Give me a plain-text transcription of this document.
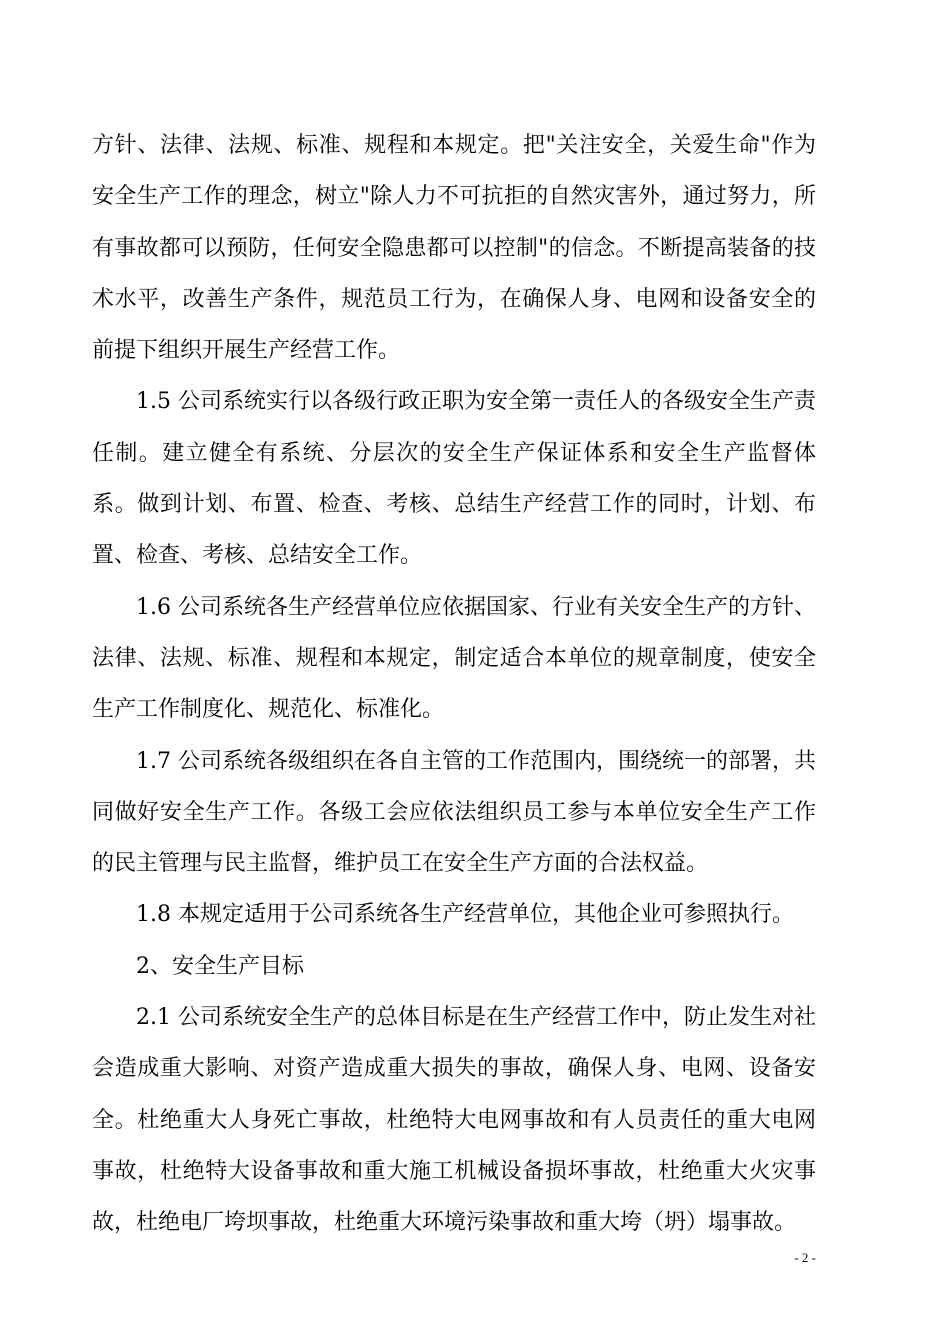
方针、法律、法规、标准、规程和本规定。把"关注安全，关爱生命"作为安全生产工作的理念，树立"除人力不可抗拒的自然灾害外，通过努力，所有事故都可以预防，任何安全隐患都可以控制"的信念。不断提高装备的技术水平，改善生产条件，规范员工行为，在确保人身、电网和设备安全的前提下组织开展生产经营工作。

1.5 公司系统实行以各级行政正职为安全第一责任人的各级安全生产责任制。建立健全有系统、分层次的安全生产保证体系和安全生产监督体系。做到计划、布置、检查、考核、总结生产经营工作的同时，计划、布置、检查、考核、总结安全工作。

1.6 公司系统各生产经营单位应依据国家、行业有关安全生产的方针、法律、法规、标准、规程和本规定，制定适合本单位的规章制度，使安全生产工作制度化、规范化、标准化。

1.7 公司系统各级组织在各自主管的工作范围内，围绕统一的部署，共同做好安全生产工作。各级工会应依法组织员工参与本单位安全生产工作的民主管理与民主监督，维护员工在安全生产方面的合法权益。

1.8 本规定适用于公司系统各生产经营单位，其他企业可参照执行。

2、安全生产目标

2.1 公司系统安全生产的总体目标是在生产经营工作中，防止发生对社会造成重大影响、对资产造成重大损失的事故，确保人身、电网、设备安全。杜绝重大人身死亡事故，杜绝特大电网事故和有人员责任的重大电网事故，杜绝特大设备事故和重大施工机械设备损坏事故，杜绝重大火灾事故，杜绝电厂垮坝事故，杜绝重大环境污染事故和重大垮（坍）塌事故。

- 2 -
